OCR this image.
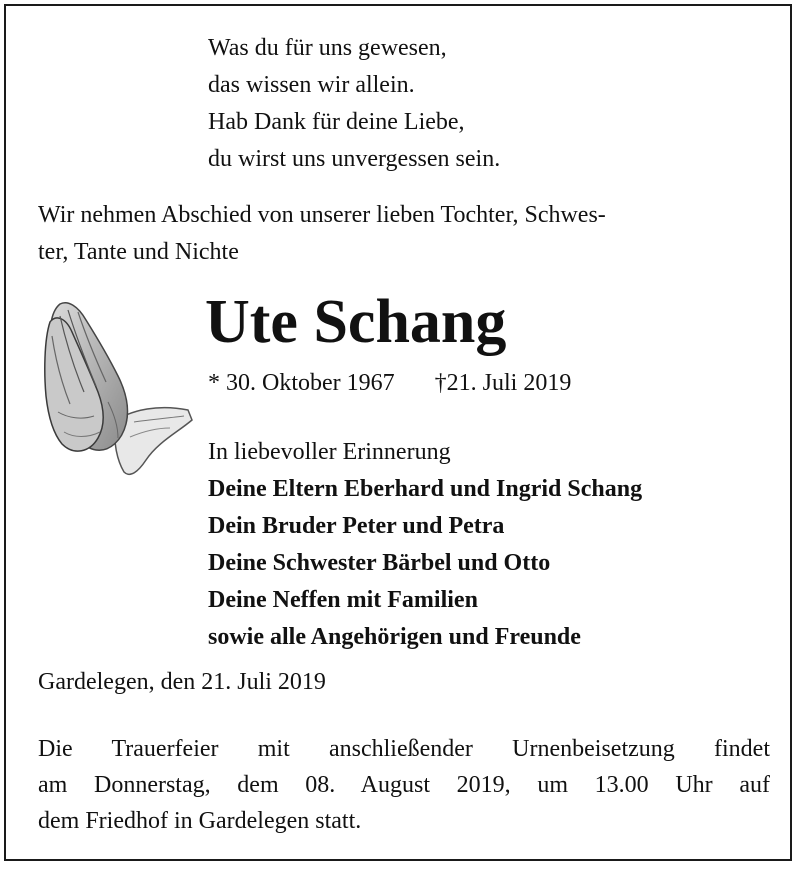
Was du für uns gewesen,
das wissen wir allein.
Hab Dank für deine Liebe,
du wirst uns unvergessen sein.
Wir nehmen Abschied von unserer lieben Tochter, Schwes-
ter, Tante und Nichte
Ute Schang
* 30. Oktober 1967 †21. Juli 2019
In liebevoller Erinnerung
Deine Eltern Eberhard und Ingrid Schang
Dein Bruder Peter und Petra
Deine Schwester Bärbel und Otto
Deine Neffen mit Familien
sowie alle Angehörigen und Freunde
Gardelegen, den 21. Juli 2019
Die Trauerfeier mit anschließender Urnenbeisetzung findet
am Donnerstag, dem 08. August 2019, um 13.00 Uhr auf
dem Friedhof in Gardelegen statt.
